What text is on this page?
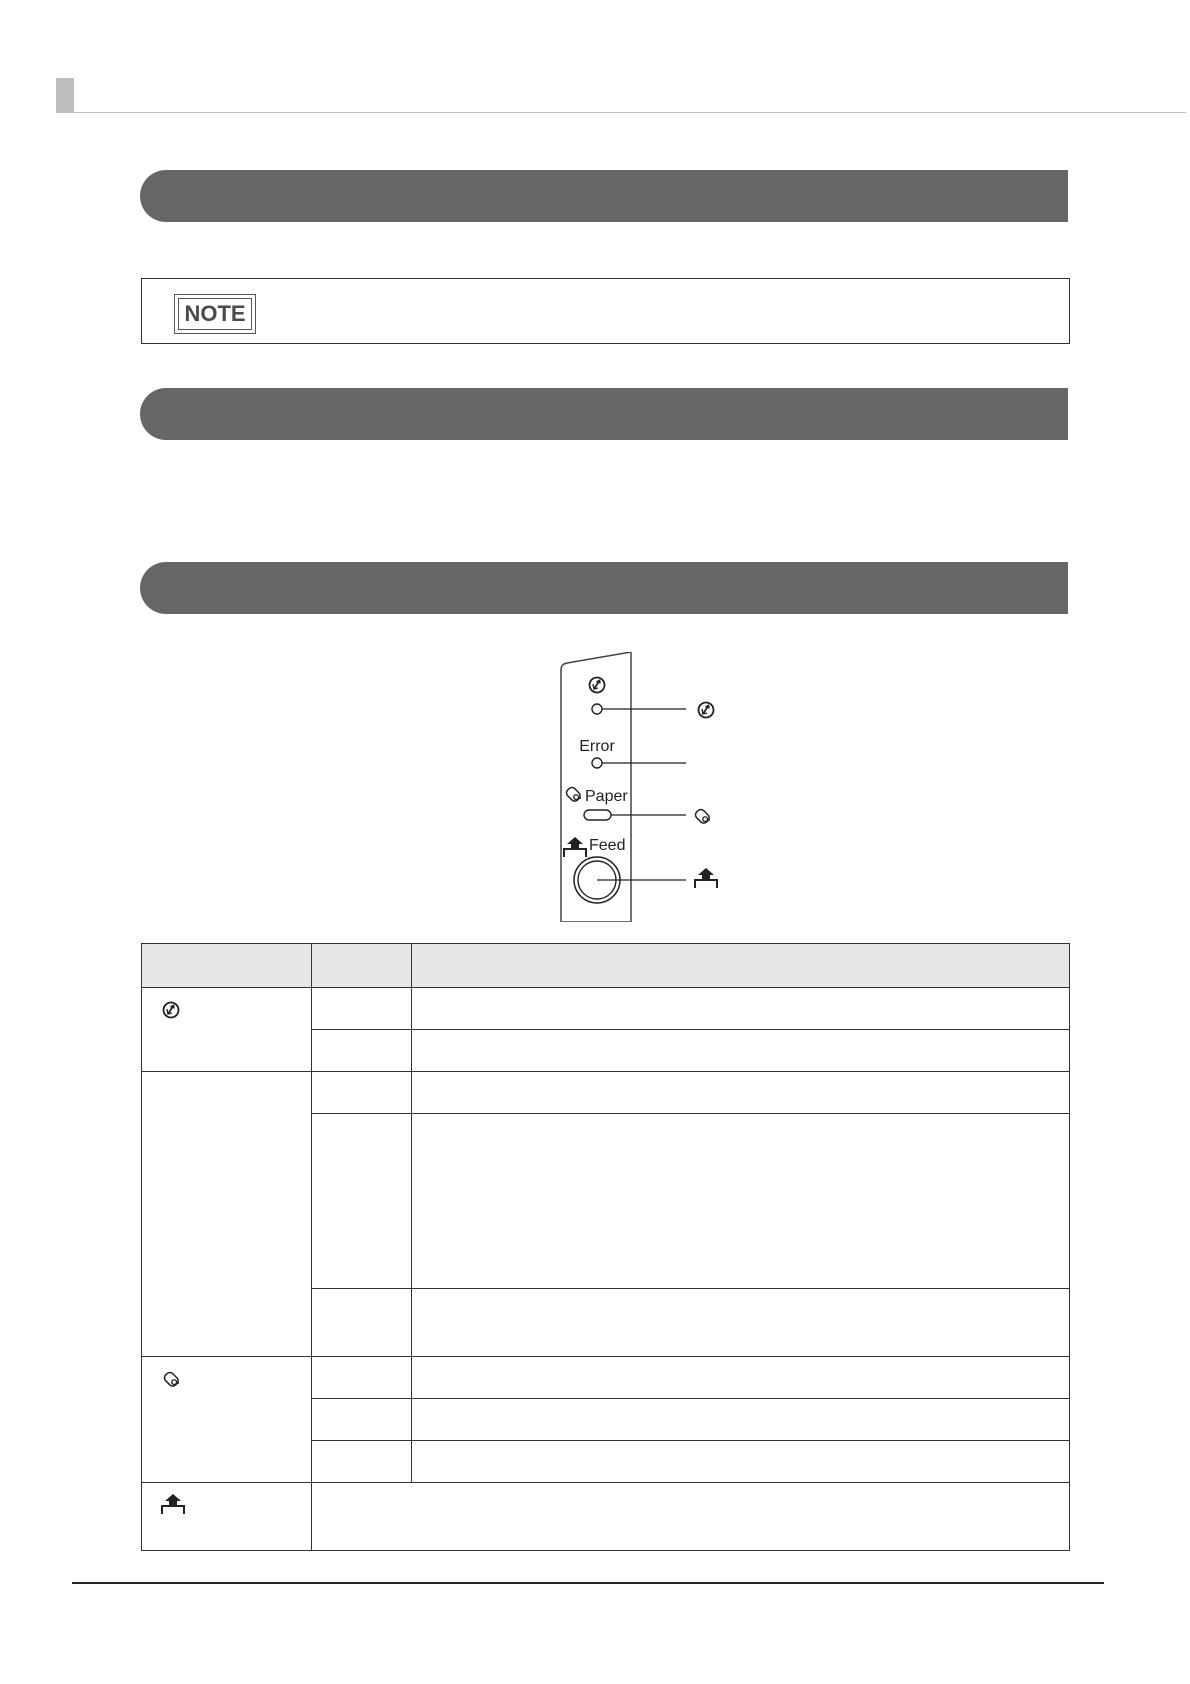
NOTE
Error
Paper
Feed
